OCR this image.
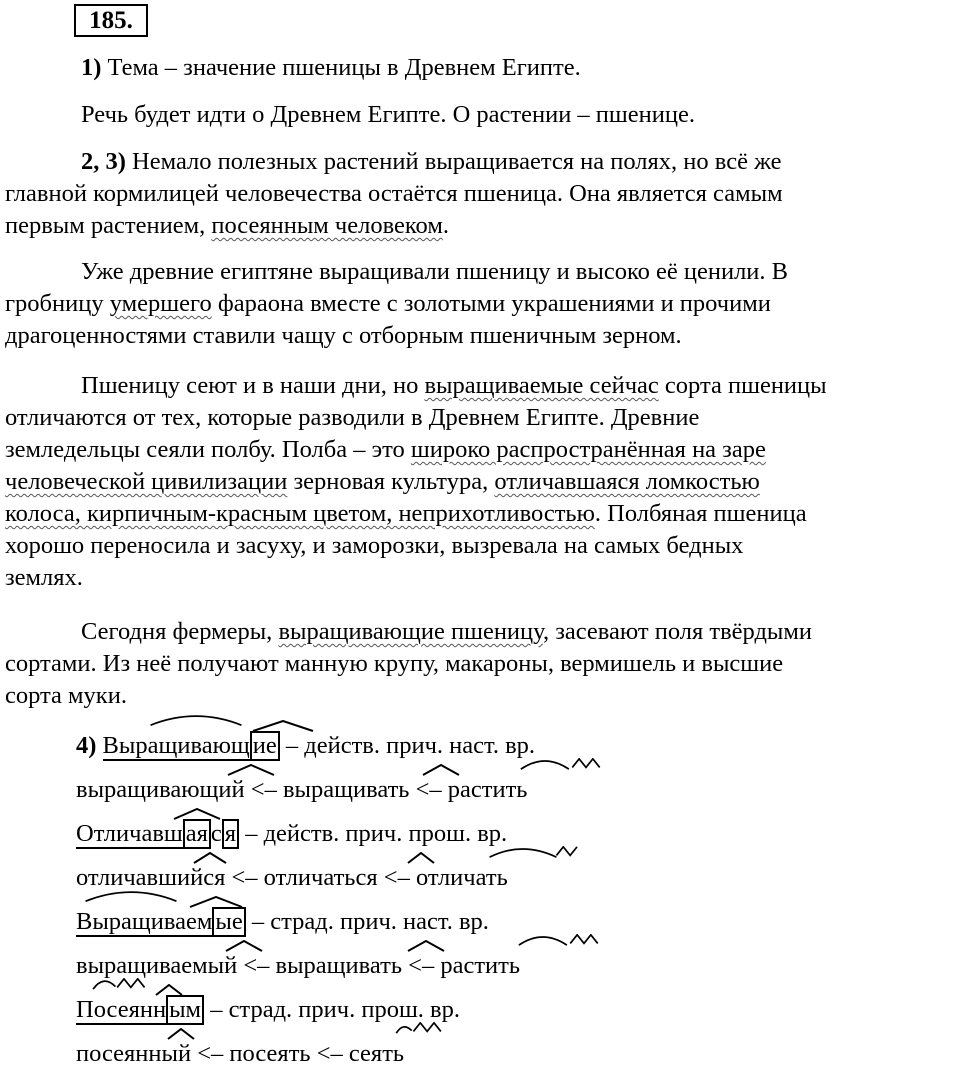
185.
1) Тема – значение пшеницы в Древнем Египте.
Речь будет идти о Древнем Египте. О растении – пшенице.
2, 3) Немало полезных растений выращивается на полях, но всё же
главной кормилицей человечества остаётся пшеница. Она является самым
первым растением, посеянным человеком.
Уже древние египтяне выращивали пшеницу и высоко её ценили. В
гробницу умершего фараона вместе с золотыми украшениями и прочими
драгоценностями ставили чащу с отборным пшеничным зерном.
Пшеницу сеют и в наши дни, но выращиваемые сейчас сорта пшеницы
отличаются от тех, которые разводили в Древнем Египте. Древние
земледельцы сеяли полбу. Полба – это широко распространённая на заре
человеческой цивилизации зерновая культура, отличавшаяся ломкостью
колоса, кирпичным-красным цветом, неприхотливостью. Полбяная пшеница
хорошо переносила и засуху, и заморозки, вызревала на самых бедных
землях.
Сегодня фермеры, выращивающие пшеницу, засевают поля твёрдыми
сортами. Из неё получают манную крупу, макароны, вермишель и высшие
сорта муки.
4) Выращивающ ие – действ. прич. наст. вр.
выращивающий <– выращивать <– растить
Отличавш ая с я – действ. прич. прош. вр.
отличавшийся <– отличаться <– отличать
Выращиваем ые – страд. прич. наст. вр.
выращиваемый <– выращивать <– растить
Посеянн ым – страд. прич. прош. вр.
посеянный <– посеять <– сеять
